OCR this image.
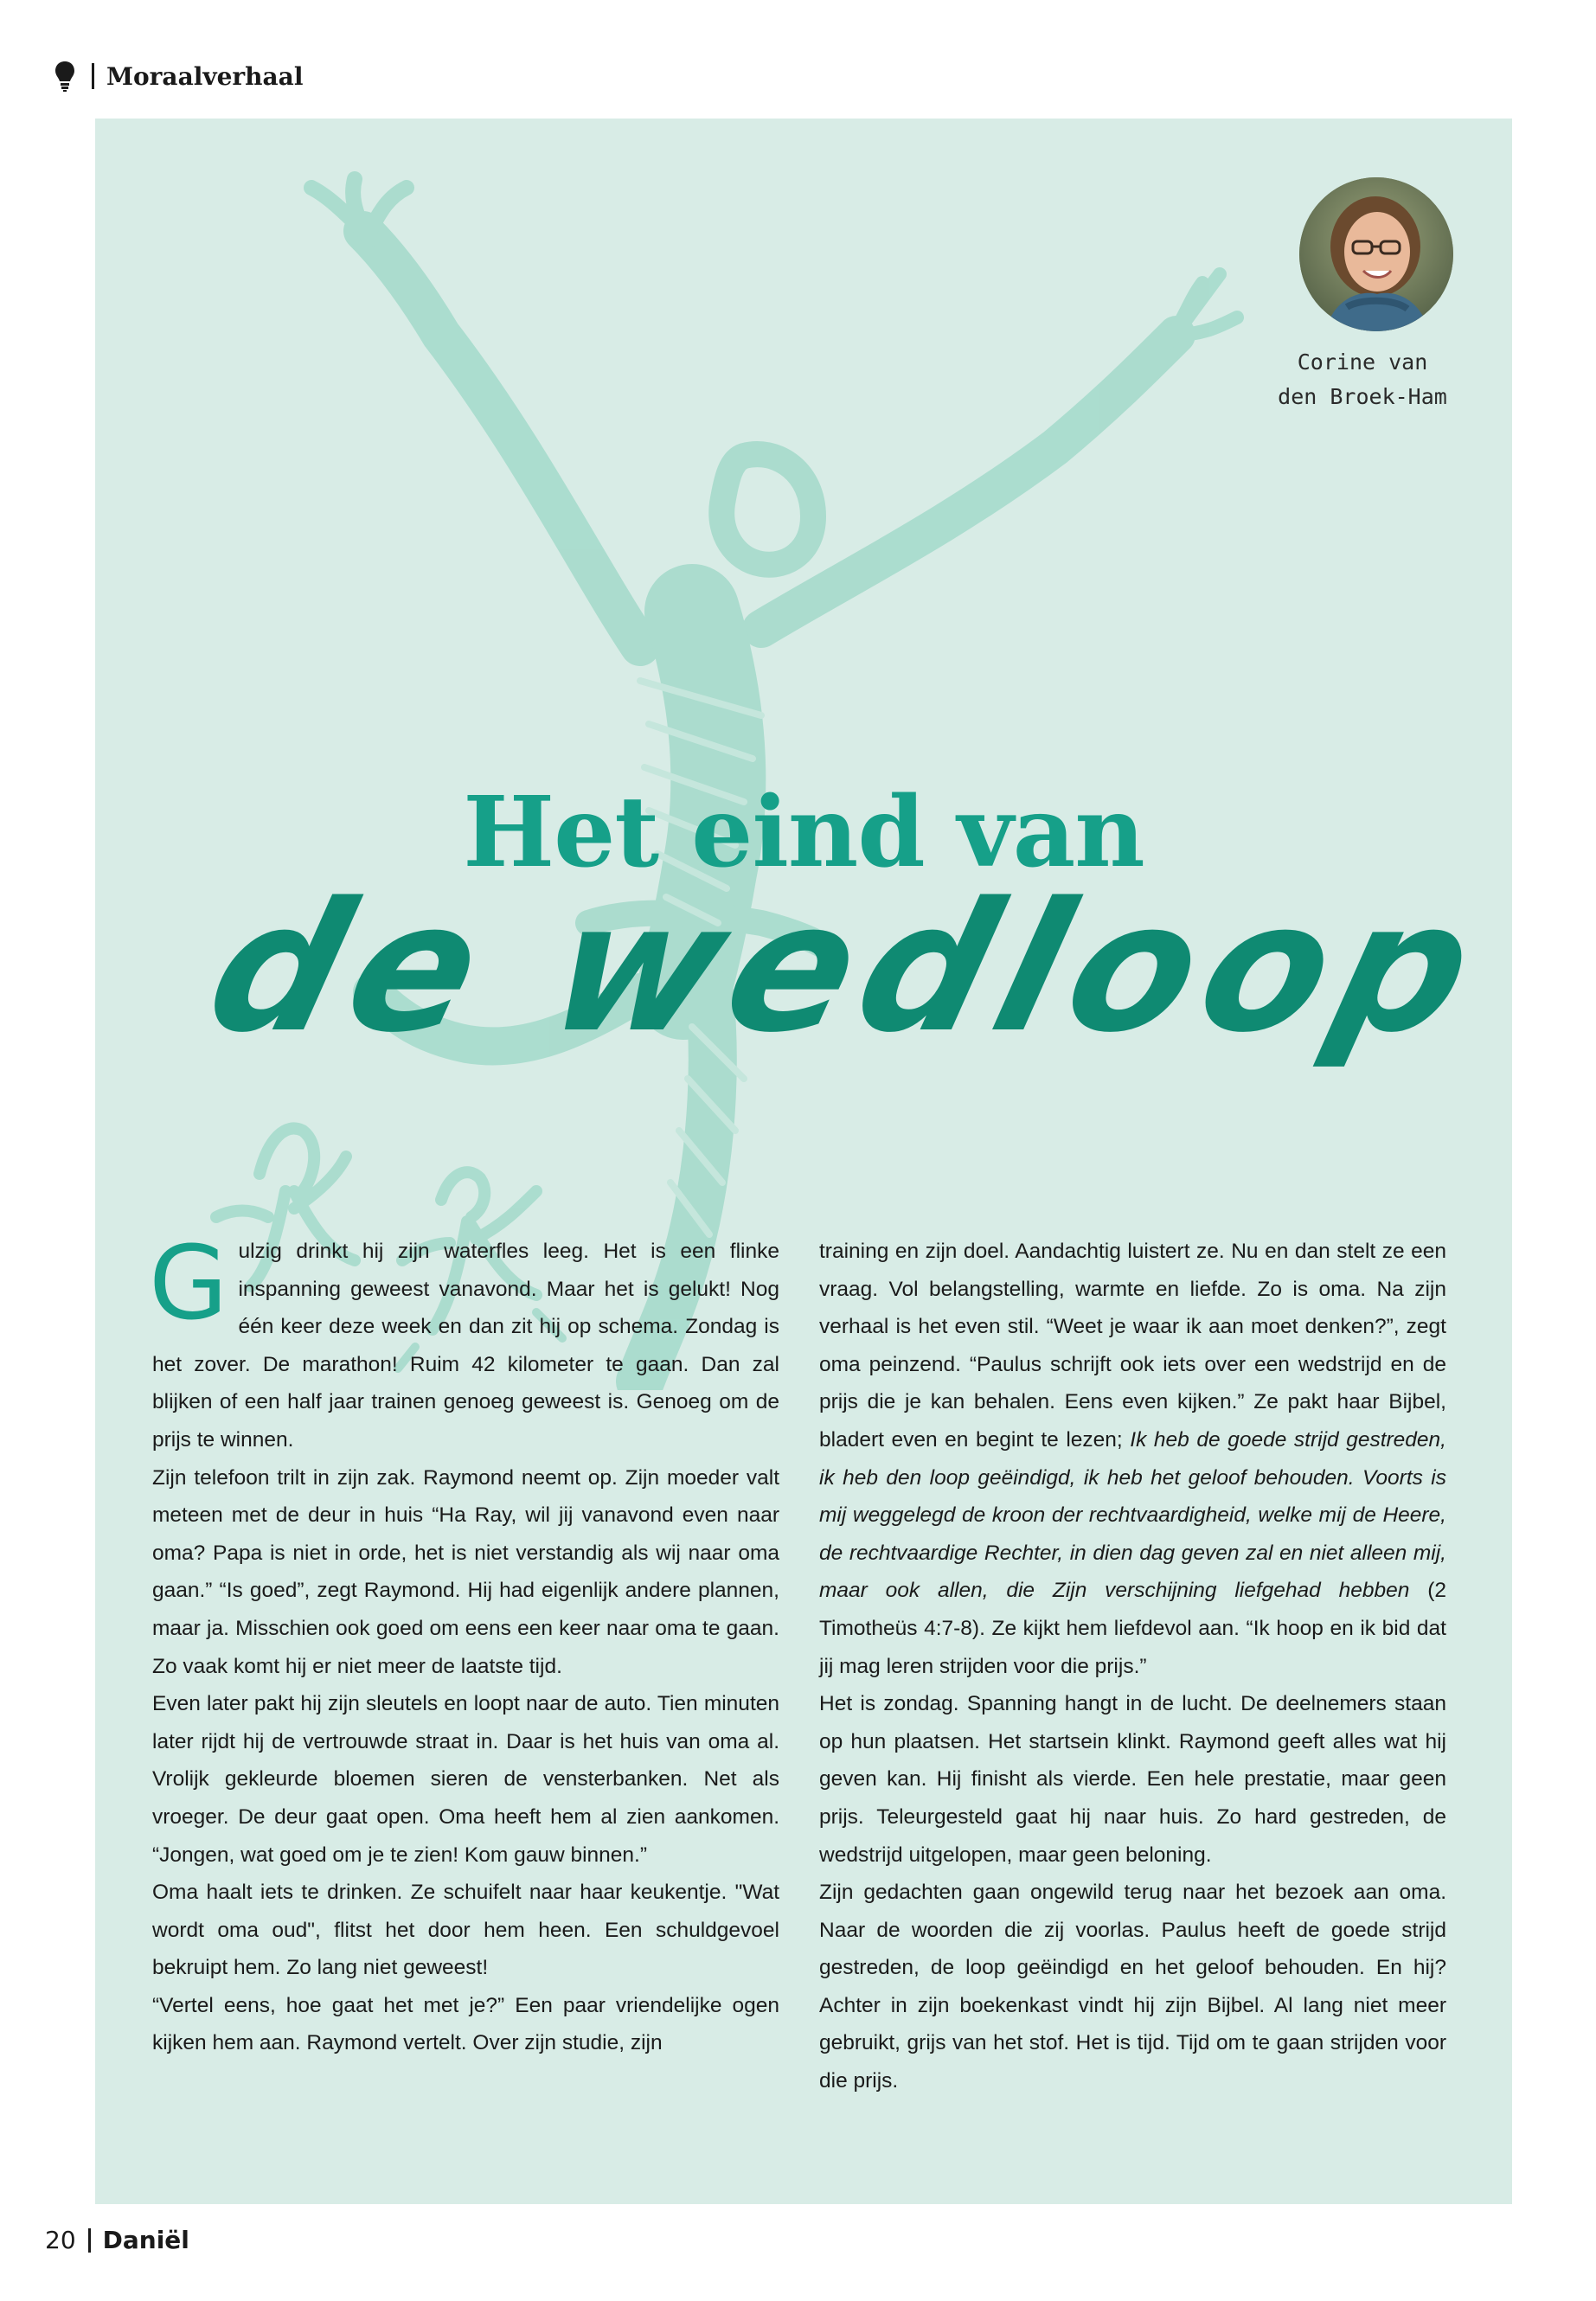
Moraalverhaal
Corine van
den Broek-Ham
Het eind van
de wedloop

Gulzig drinkt hij zijn waterfles leeg. Het is een flinke inspanning geweest vanavond. Maar het is gelukt! Nog één keer deze week en dan zit hij op schema. Zondag is het zover. De marathon! Ruim 42 kilometer te gaan. Dan zal blijken of een half jaar trainen genoeg geweest is. Genoeg om de prijs te winnen.

Zijn telefoon trilt in zijn zak. Raymond neemt op. Zijn moeder valt meteen met de deur in huis “Ha Ray, wil jij vanavond even naar oma? Papa is niet in orde, het is niet verstandig als wij naar oma gaan.” “Is goed”, zegt Raymond. Hij had eigenlijk andere plannen, maar ja. Misschien ook goed om eens een keer naar oma te gaan. Zo vaak komt hij er niet meer de laatste tijd.

Even later pakt hij zijn sleutels en loopt naar de auto. Tien minuten later rijdt hij de vertrouwde straat in. Daar is het huis van oma al. Vrolijk gekleurde bloemen sieren de vensterbanken. Net als vroeger. De deur gaat open. Oma heeft hem al zien aankomen. “Jongen, wat goed om je te zien! Kom gauw binnen.”

Oma haalt iets te drinken. Ze schuifelt naar haar keukentje. "Wat wordt oma oud", flitst het door hem heen. Een schuldgevoel bekruipt hem. Zo lang niet geweest!

“Vertel eens, hoe gaat het met je?” Een paar vriendelijke ogen kijken hem aan. Raymond vertelt. Over zijn studie, zijn

training en zijn doel. Aandachtig luistert ze. Nu en dan stelt ze een vraag. Vol belangstelling, warmte en liefde. Zo is oma. Na zijn verhaal is het even stil. “Weet je waar ik aan moet denken?”, zegt oma peinzend. “Paulus schrijft ook iets over een wedstrijd en de prijs die je kan behalen. Eens even kijken.” Ze pakt haar Bijbel, bladert even en begint te lezen; Ik heb de goede strijd gestreden, ik heb den loop geëindigd, ik heb het geloof behouden. Voorts is mij weggelegd de kroon der rechtvaardigheid, welke mij de Heere, de rechtvaardige Rechter, in dien dag geven zal en niet alleen mij, maar ook allen, die Zijn verschijning liefgehad hebben (2 Timotheüs 4:7-8). Ze kijkt hem liefdevol aan. “Ik hoop en ik bid dat jij mag leren strijden voor die prijs.”

Het is zondag. Spanning hangt in de lucht. De deelnemers staan op hun plaatsen. Het startsein klinkt. Raymond geeft alles wat hij geven kan. Hij finisht als vierde. Een hele prestatie, maar geen prijs. Teleurgesteld gaat hij naar huis. Zo hard gestreden, de wedstrijd uitgelopen, maar geen beloning.

Zijn gedachten gaan ongewild terug naar het bezoek aan oma. Naar de woorden die zij voorlas. Paulus heeft de goede strijd gestreden, de loop geëindigd en het geloof behouden. En hij? Achter in zijn boekenkast vindt hij zijn Bijbel. Al lang niet meer gebruikt, grijs van het stof. Het is tijd. Tijd om te gaan strijden voor die prijs.

20 Daniël
